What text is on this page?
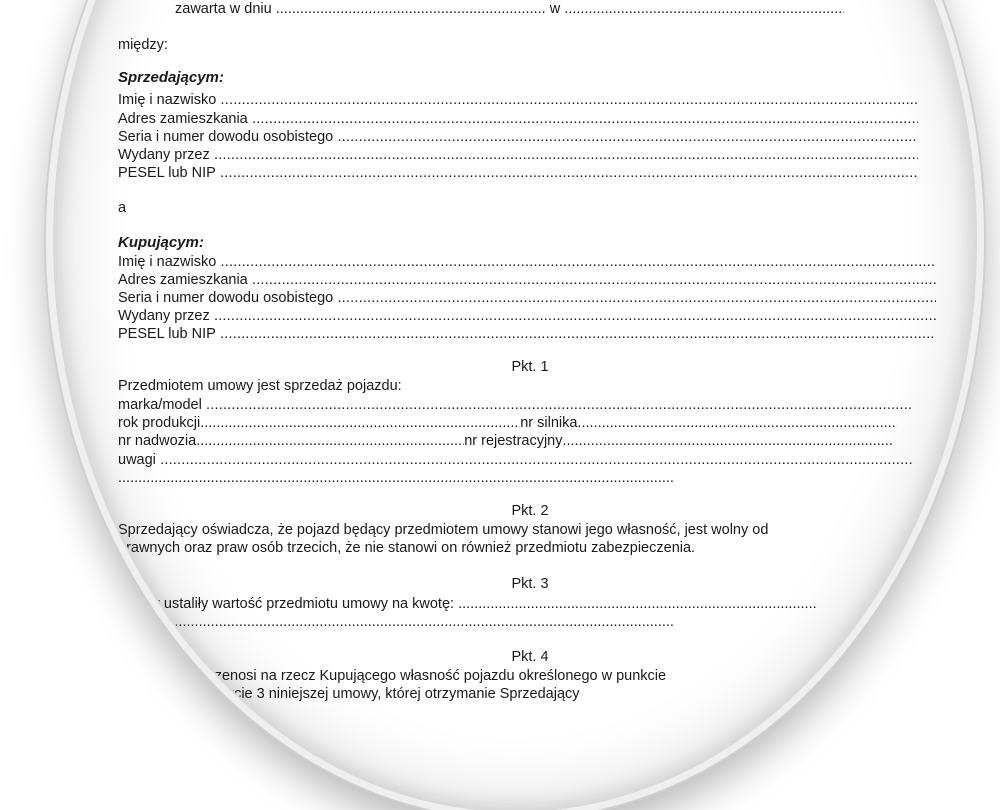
zawarta w dniu .....	w .....
między:
Sprzedającym:
Imię i nazwisko .....
Adres zamieszkania .....
Seria i numer dowodu osobistego .....
Wydany przez .....
PESEL lub NIP .....
a
Kupującym:
Imię i nazwisko .....
Adres zamieszkania .....
Seria i numer dowodu osobistego .....
Wydany przez .....
PESEL lub NIP .....
Pkt. 1
Przedmiotem umowy jest sprzedaż pojazdu:
marka/model .....
rok produkcji .....	nr silnika.....
nr nadwozia .....	nr rejestracyjny.....
uwagi .....
.....
Pkt. 2
Sprzedający oświadcza, że pojazd będący przedmiotem umowy stanowi jego własność, jest wolny od
prawnych oraz praw osób trzecich, że nie stanowi on również przedmiotu zabezpieczenia.
Pkt. 3
Strony ustaliły wartość przedmiotu umowy na kwotę: .....
.....
Pkt. 4
Sprzedający przenosi na rzecz Kupującego własność pojazdu określonego w punkcie
określonej w punkcie 3 niniejszej umowy, której otrzymanie Sprzedający
